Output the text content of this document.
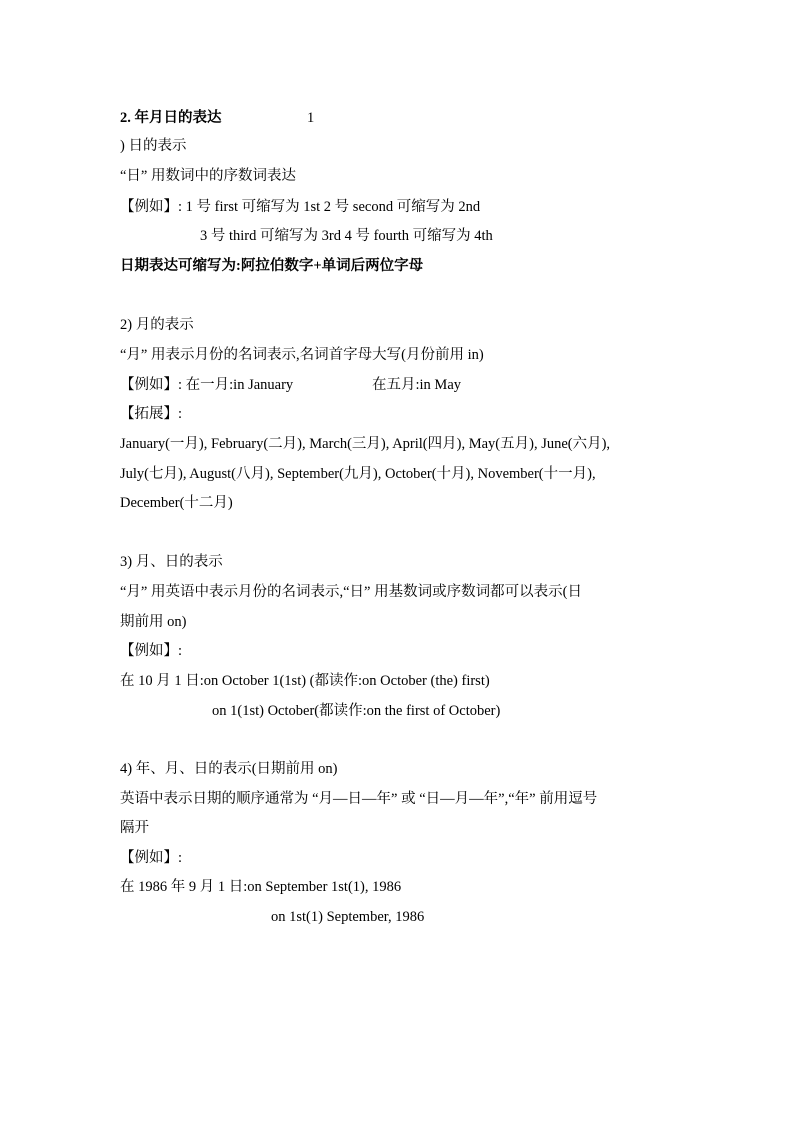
2. 年月日的表达	1
) 日的表示
“日” 用数词中的序数词表达
【例如】: 1 号 first 可缩写为 1st 2 号 second 可缩写为 2nd
3 号 third 可缩写为 3rd 4 号 fourth 可缩写为 4th
日期表达可缩写为:阿拉伯数字+单词后两位字母
2) 月的表示
“月” 用表示月份的名词表示,名词首字母大写(月份前用 in)
【例如】: 在一月:in January	在五月:in May
【拓展】:
January(一月), February(二月), March(三月), April(四月), May(五月), June(六月),
July(七月), August(八月), September(九月), October(十月), November(十一月),
December(十二月)
3) 月、日的表示
“月” 用英语中表示月份的名词表示,“日” 用基数词或序数词都可以表示(日
期前用 on)
【例如】:
在 10 月 1 日:on October 1(1st) (都读作:on October (the) first)
on 1(1st) October(都读作:on the first of October)
4) 年、月、日的表示(日期前用 on)
英语中表示日期的顺序通常为 “月—日—年” 或 “日—月—年”,“年” 前用逗号
隔开
【例如】:
在 1986 年 9 月 1 日:on September 1st(1), 1986
on 1st(1) September, 1986
